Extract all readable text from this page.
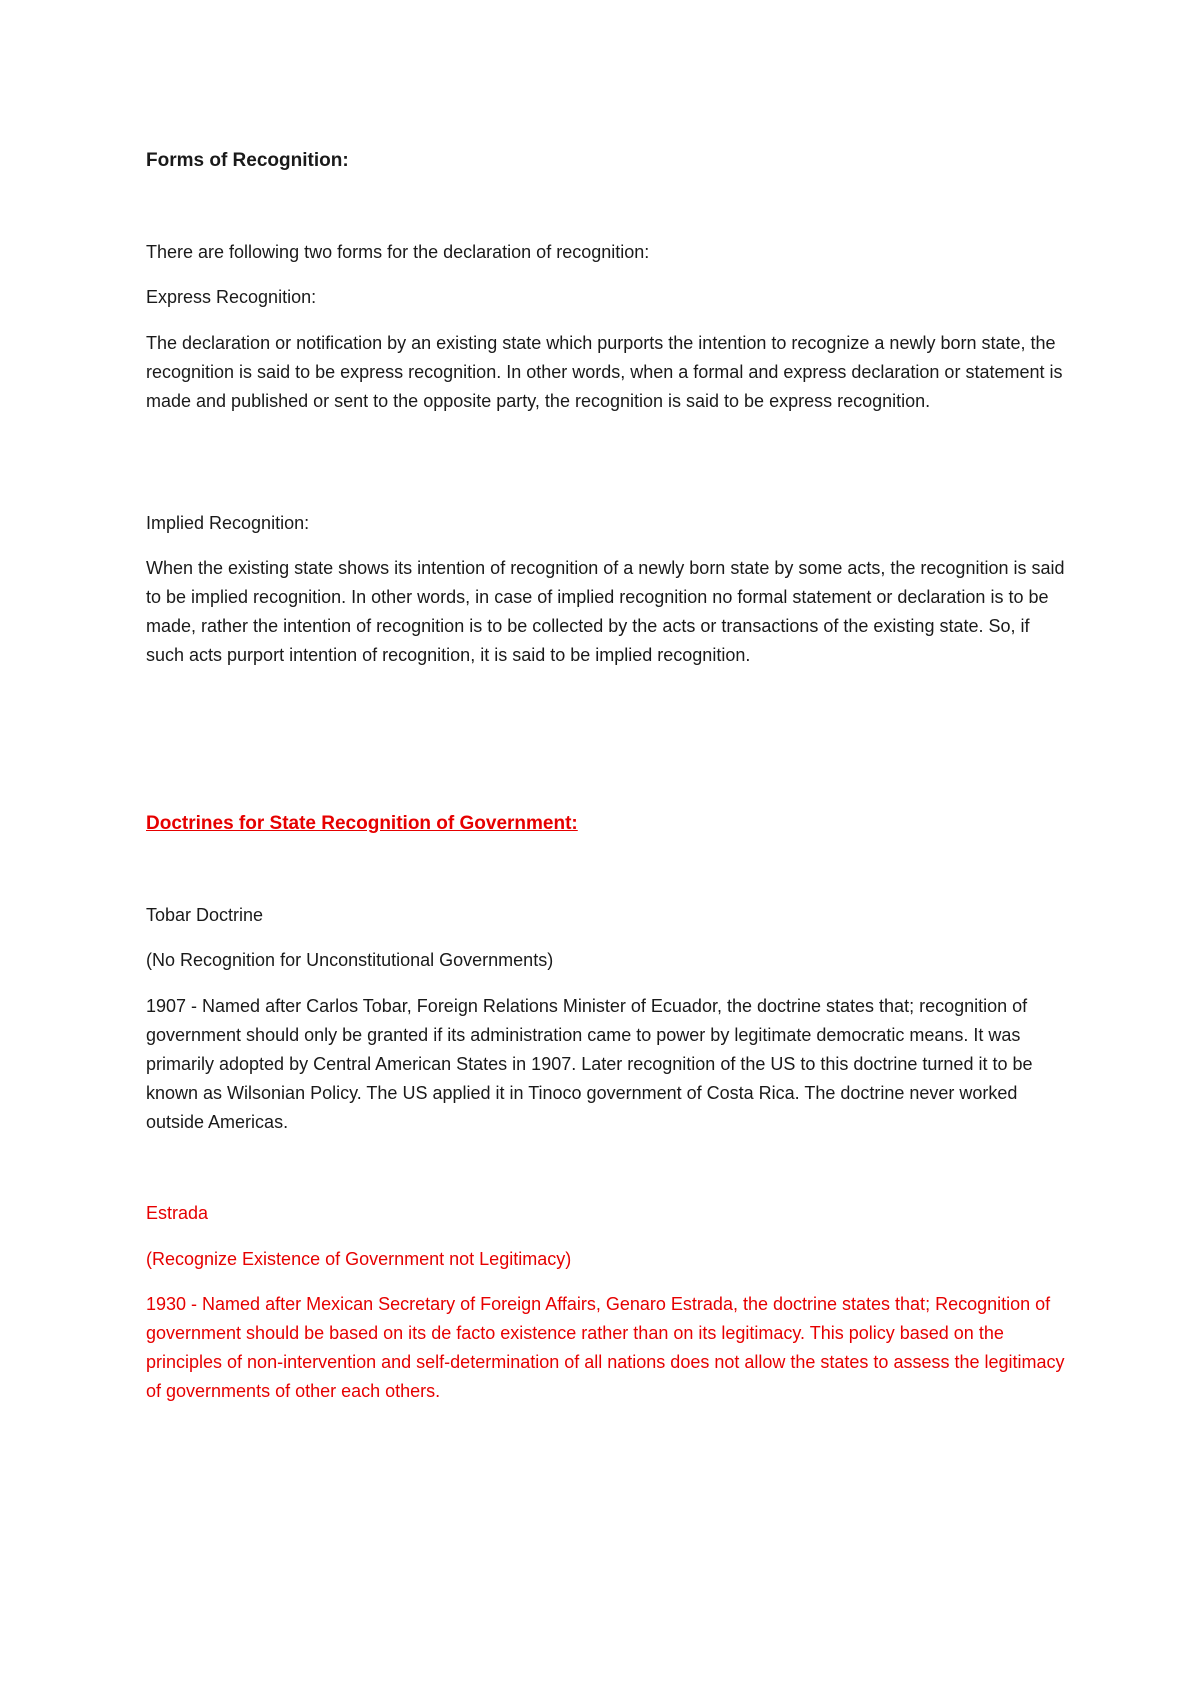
Forms of Recognition:

There are following two forms for the declaration of recognition:

Express Recognition:

The declaration or notification by an existing state which purports the intention to recognize a newly born state, the recognition is said to be express recognition. In other words, when a formal and express declaration or statement is made and published or sent to the opposite party, the recognition is said to be express recognition.

Implied Recognition:

When the existing state shows its intention of recognition of a newly born state by some acts, the recognition is said to be implied recognition. In other words, in case of implied recognition no formal statement or declaration is to be made, rather the intention of recognition is to be collected by the acts or transactions of the existing state. So, if such acts purport intention of recognition, it is said to be implied recognition.

Doctrines for State Recognition of Government:

Tobar Doctrine

(No Recognition for Unconstitutional Governments)

1907 - Named after Carlos Tobar, Foreign Relations Minister of Ecuador, the doctrine states that; recognition of government should only be granted if its administration came to power by legitimate democratic means. It was primarily adopted by Central American States in 1907. Later recognition of the US to this doctrine turned it to be known as Wilsonian Policy. The US applied it in Tinoco government of Costa Rica. The doctrine never worked outside Americas.

Estrada

(Recognize Existence of Government not Legitimacy)

1930 - Named after Mexican Secretary of Foreign Affairs, Genaro Estrada, the doctrine states that; Recognition of government should be based on its de facto existence rather than on its legitimacy. This policy based on the principles of non-intervention and self-determination of all nations does not allow the states to assess the legitimacy of governments of other each others.
